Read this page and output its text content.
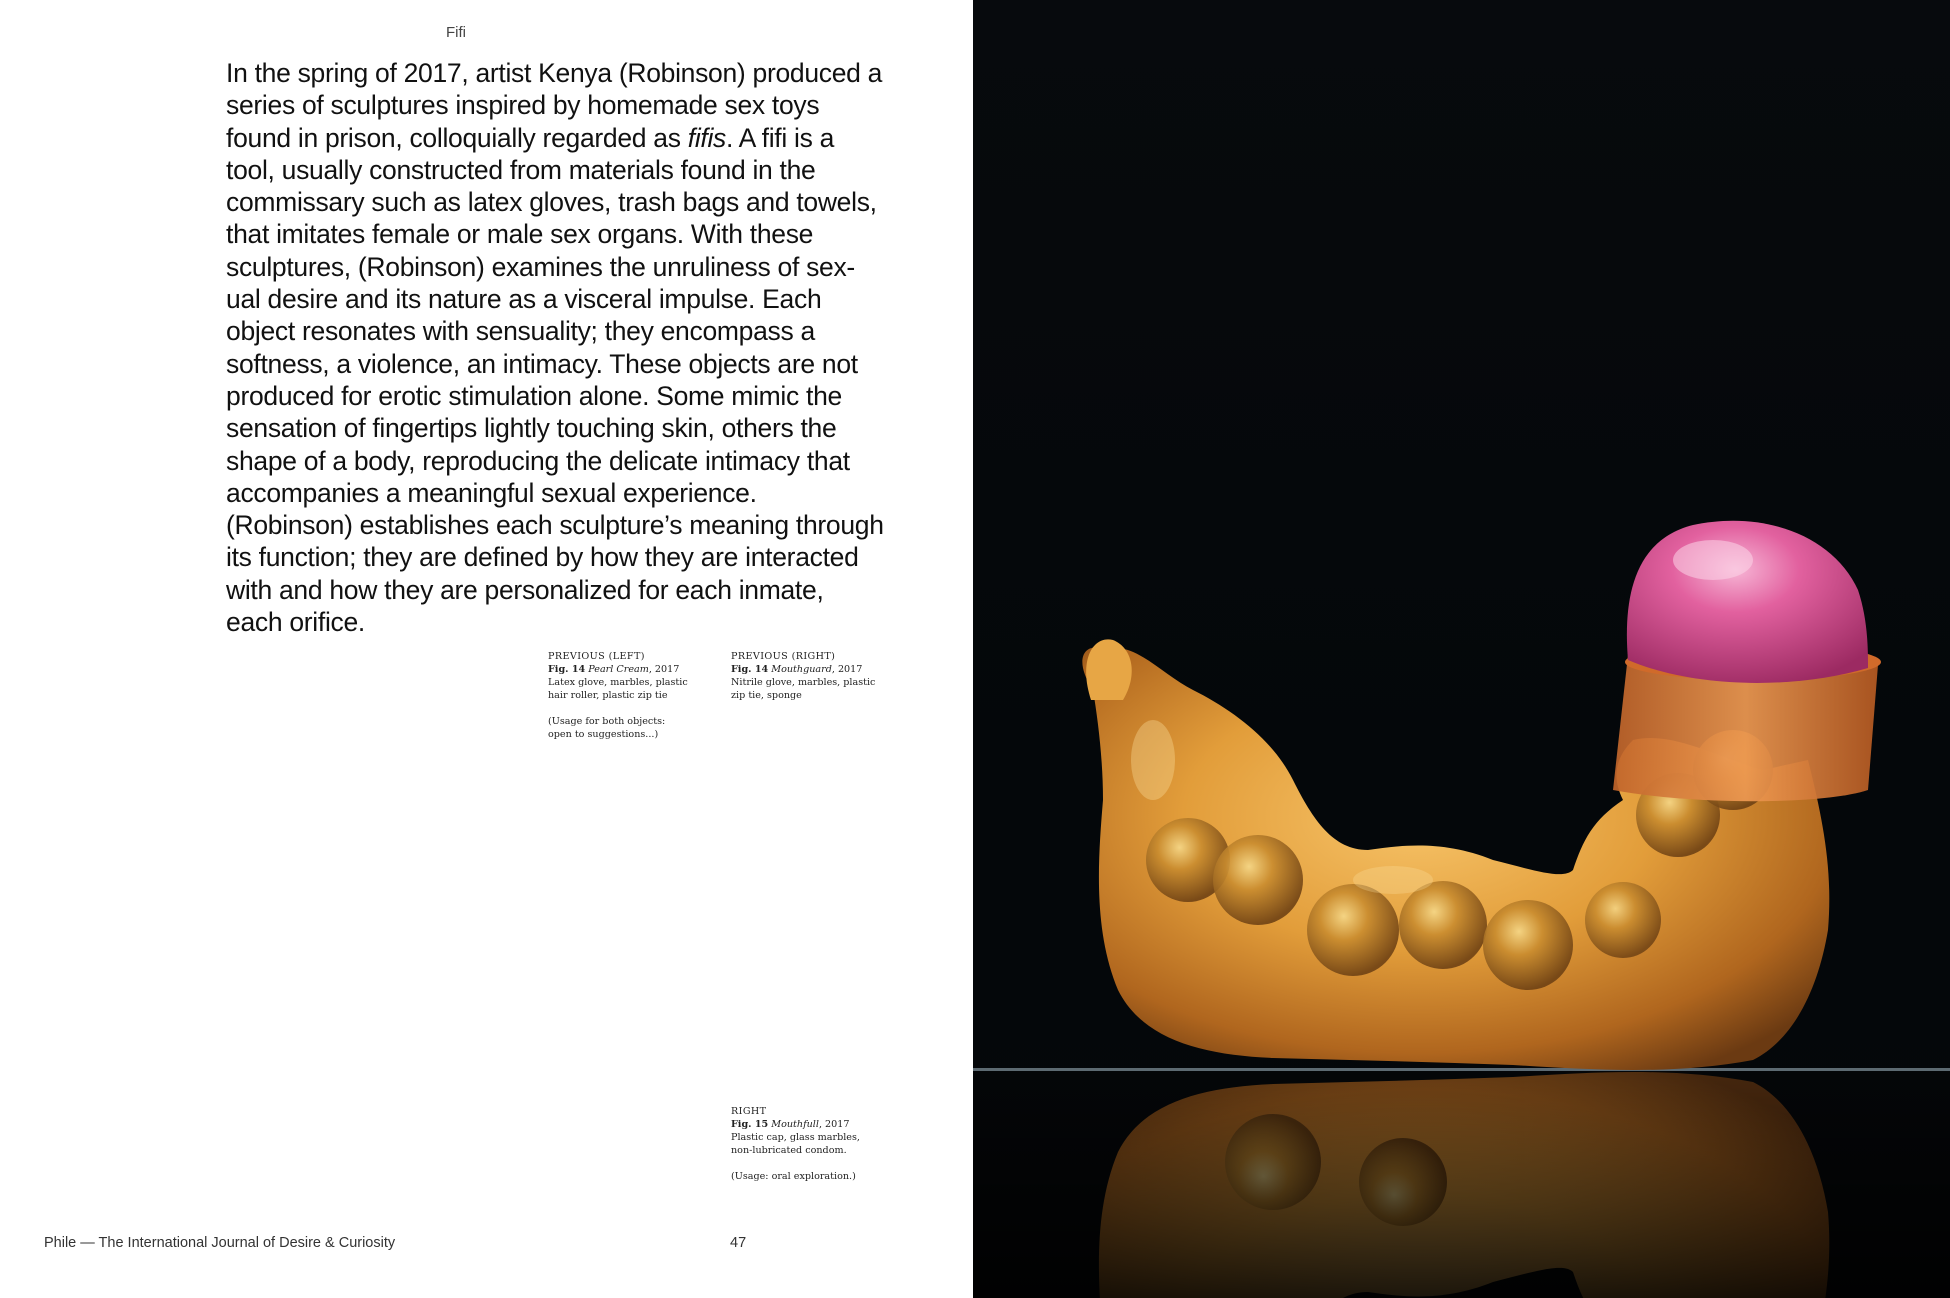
Fifi

In the spring of 2017, artist Kenya (Robinson) produced a series of sculptures inspired by homemade sex toys found in prison, colloquially regarded as fifis. A fifi is a tool, usually constructed from materials found in the commissary such as latex gloves, trash bags and towels, that imitates female or male sex organs. With these sculptures, (Robinson) examines the unruliness of sex- ual desire and its nature as a visceral impulse. Each object resonates with sensuality; they encompass a softness, a violence, an intimacy. These objects are not produced for erotic stimulation alone. Some mimic the sensation of fingertips lightly touching skin, others the shape of a body, reproducing the delicate intimacy that accompanies a meaningful sexual experience. (Robinson) establishes each sculpture’s meaning through its function; they are defined by how they are interacted with and how they are personalized for each inmate, each orifice.

PREVIOUS (LEFT)
Fig. 14 Pearl Cream, 2017
Latex glove, marbles, plastic
hair roller, plastic zip tie
(Usage for both objects:
open to suggestions...)
PREVIOUS (RIGHT)
Fig. 14 Mouthguard, 2017
Nitrile glove, marbles, plastic
zip tie, sponge
RIGHT
Fig. 15 Mouthfull, 2017
Plastic cap, glass marbles,
non-lubricated condom.
(Usage: oral exploration.)
Phile — The International Journal of Desire & Curiosity	47
